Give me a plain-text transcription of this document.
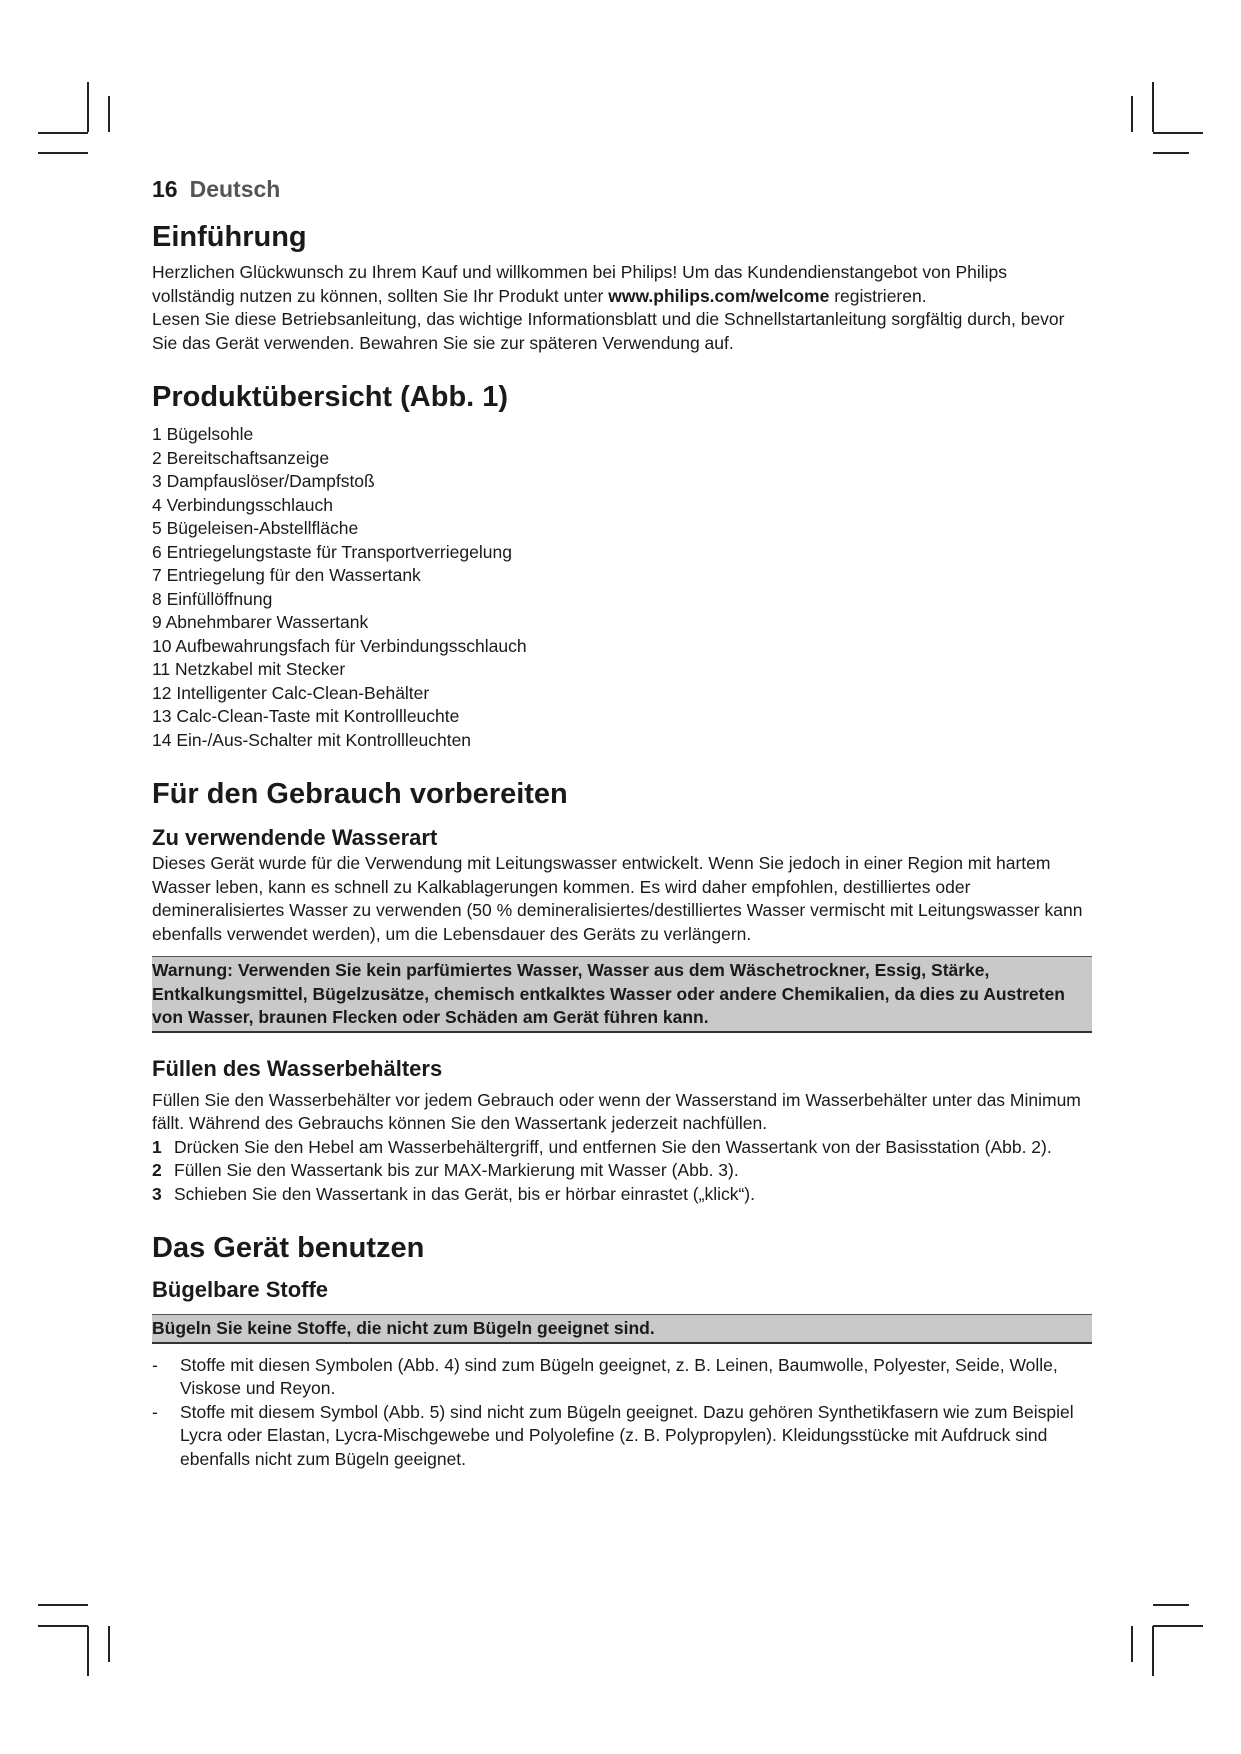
16 Deutsch
Einführung

Herzlichen Glückwunsch zu Ihrem Kauf und willkommen bei Philips! Um das Kundendienstangebot von Philips vollständig nutzen zu können, sollten Sie Ihr Produkt unter www.philips.com/welcome registrieren.

Lesen Sie diese Betriebsanleitung, das wichtige Informationsblatt und die Schnellstartanleitung sorgfältig durch, bevor Sie das Gerät verwenden. Bewahren Sie sie zur späteren Verwendung auf.

Produktübersicht (Abb. 1)
1 Bügelsohle
2 Bereitschaftsanzeige
3 Dampfauslöser/Dampfstoß
4 Verbindungsschlauch
5 Bügeleisen-Abstellfläche
6 Entriegelungstaste für Transportverriegelung
7 Entriegelung für den Wassertank
8 Einfüllöffnung
9 Abnehmbarer Wassertank
10 Aufbewahrungsfach für Verbindungsschlauch
11 Netzkabel mit Stecker
12 Intelligenter Calc-Clean-Behälter
13 Calc-Clean-Taste mit Kontrollleuchte
14 Ein-/Aus-Schalter mit Kontrollleuchten
Für den Gebrauch vorbereiten
Zu verwendende Wasserart

Dieses Gerät wurde für die Verwendung mit Leitungswasser entwickelt. Wenn Sie jedoch in einer Region mit hartem Wasser leben, kann es schnell zu Kalkablagerungen kommen. Es wird daher empfohlen, destilliertes oder demineralisiertes Wasser zu verwenden (50 % demineralisiertes/destilliertes Wasser vermischt mit Leitungswasser kann ebenfalls verwendet werden), um die Lebensdauer des Geräts zu verlängern.

Warnung: Verwenden Sie kein parfümiertes Wasser, Wasser aus dem Wäschetrockner, Essig, Stärke, Entkalkungsmittel, Bügelzusätze, chemisch entkalktes Wasser oder andere Chemikalien, da dies zu Austreten von Wasser, braunen Flecken oder Schäden am Gerät führen kann.
Füllen des Wasserbehälters

Füllen Sie den Wasserbehälter vor jedem Gebrauch oder wenn der Wasserstand im Wasserbehälter unter das Minimum fällt. Während des Gebrauchs können Sie den Wassertank jederzeit nachfüllen.

1 Drücken Sie den Hebel am Wasserbehältergriff, und entfernen Sie den Wassertank von der Basisstation (Abb. 2).
2 Füllen Sie den Wassertank bis zur MAX-Markierung mit Wasser (Abb. 3).
3 Schieben Sie den Wassertank in das Gerät, bis er hörbar einrastet („klick“).
Das Gerät benutzen
Bügelbare Stoffe
Bügeln Sie keine Stoffe, die nicht zum Bügeln geeignet sind.
-	Stoffe mit diesen Symbolen (Abb. 4) sind zum Bügeln geeignet, z. B. Leinen, Baumwolle, Polyester, Seide, Wolle, Viskose und Reyon.
-	Stoffe mit diesem Symbol (Abb. 5) sind nicht zum Bügeln geeignet. Dazu gehören Synthetikfasern wie zum Beispiel Lycra oder Elastan, Lycra-Mischgewebe und Polyolefine (z. B. Polypropylen). Kleidungsstücke mit Aufdruck sind ebenfalls nicht zum Bügeln geeignet.
